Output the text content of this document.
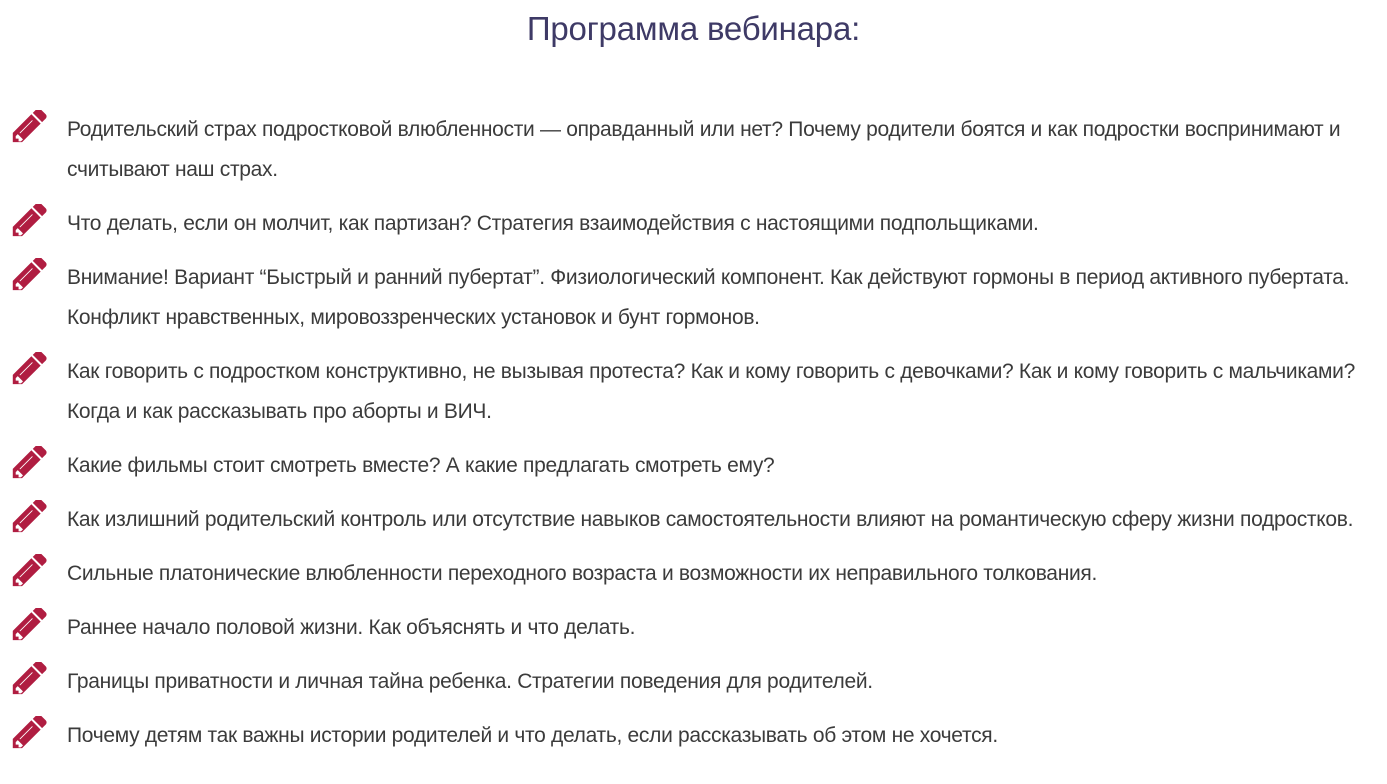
Программа вебинара:
Родительский страх подростковой влюбленности — оправданный или нет? Почему родители боятся и как подростки воспринимают и считывают наш страх.
Что делать, если он молчит, как партизан? Стратегия взаимодействия с настоящими подпольщиками.
Внимание! Вариант “Быстрый и ранний пубертат”. Физиологический компонент. Как действуют гормоны в период активного пубертата. Конфликт нравственных, мировоззренческих установок и бунт гормонов.
Как говорить с подростком конструктивно, не вызывая протеста? Как и кому говорить с девочками? Как и кому говорить с мальчиками? Когда и как рассказывать про аборты и ВИЧ.
Какие фильмы стоит смотреть вместе? А какие предлагать смотреть ему?
Как излишний родительский контроль или отсутствие навыков самостоятельности влияют на романтическую сферу жизни подростков.
Сильные платонические влюбленности переходного возраста и возможности их неправильного толкования.
Раннее начало половой жизни. Как объяснять и что делать.
Границы приватности и личная тайна ребенка. Стратегии поведения для родителей.
Почему детям так важны истории родителей и что делать, если рассказывать об этом не хочется.
